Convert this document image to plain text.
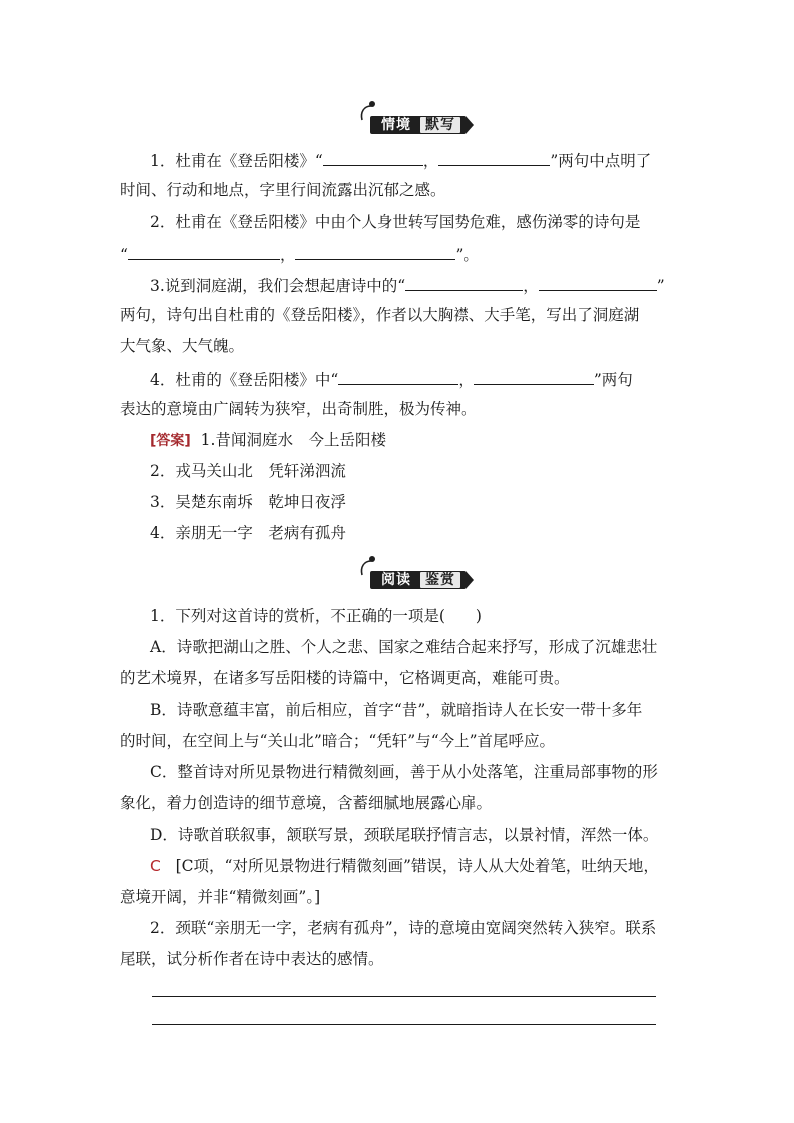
情境	默写
1．杜甫在《登岳阳楼》“	，	”两句中点明了
时间、行动和地点，字里行间流露出沉郁之感。
2．杜甫在《登岳阳楼》中由个人身世转写国势危难，感伤涕零的诗句是
“	，	”。
3.说到洞庭湖，我们会想起唐诗中的“	，	”
两句，诗句出自杜甫的《登岳阳楼》，作者以大胸襟、大手笔，写出了洞庭湖
大气象、大气魄。
4．杜甫的《登岳阳楼》中“	，	”两句
表达的意境由广阔转为狭窄，出奇制胜，极为传神。
[答案] 1.昔闻洞庭水　今上岳阳楼
2．戎马关山北　凭轩涕泗流
3．吴楚东南坼　乾坤日夜浮
4．亲朋无一字　老病有孤舟
阅读	鉴赏
1．下列对这首诗的赏析，不正确的一项是(　　)
A．诗歌把湖山之胜、个人之悲、国家之难结合起来抒写，形成了沉雄悲壮
的艺术境界，在诸多写岳阳楼的诗篇中，它格调更高，难能可贵。
B．诗歌意蕴丰富，前后相应，首字“昔”，就暗指诗人在长安一带十多年
的时间，在空间上与“关山北”暗合；“凭轩”与“今上”首尾呼应。
C．整首诗对所见景物进行精微刻画，善于从小处落笔，注重局部事物的形
象化，着力创造诗的细节意境，含蓄细腻地展露心扉。
D．诗歌首联叙事，颔联写景，颈联尾联抒情言志，以景衬情，浑然一体。
C [C项，“对所见景物进行精微刻画”错误，诗人从大处着笔，吐纳天地，
意境开阔，并非“精微刻画”。]
2．颈联“亲朋无一字，老病有孤舟”，诗的意境由宽阔突然转入狭窄。联系
尾联，试分析作者在诗中表达的感情。
